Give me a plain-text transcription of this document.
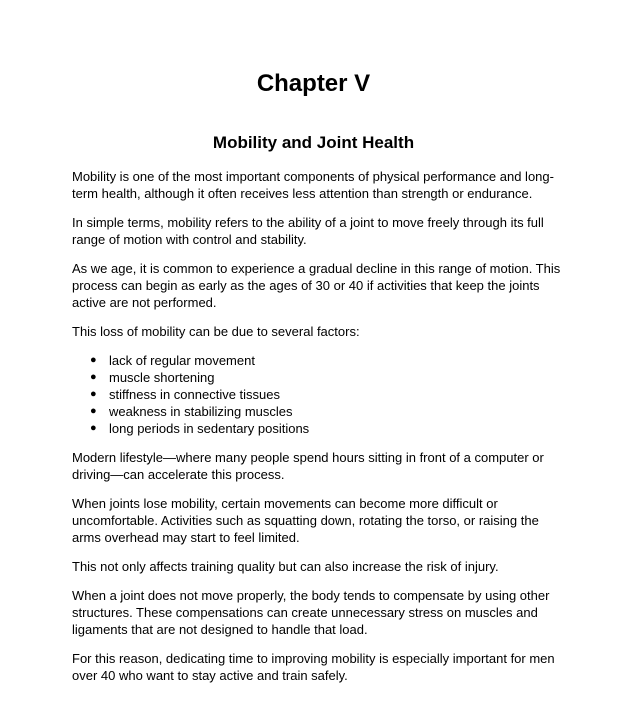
Chapter V
Mobility and Joint Health

Mobility is one of the most important components of physical performance and long-term health, although it often receives less attention than strength or endurance.

In simple terms, mobility refers to the ability of a joint to move freely through its full range of motion with control and stability.

As we age, it is common to experience a gradual decline in this range of motion. This process can begin as early as the ages of 30 or 40 if activities that keep the joints active are not performed.

This loss of mobility can be due to several factors:

● lack of regular movement
● muscle shortening
● stiffness in connective tissues
● weakness in stabilizing muscles
● long periods in sedentary positions

Modern lifestyle—where many people spend hours sitting in front of a computer or driving—can accelerate this process.

When joints lose mobility, certain movements can become more difficult or uncomfortable. Activities such as squatting down, rotating the torso, or raising the arms overhead may start to feel limited.

This not only affects training quality but can also increase the risk of injury.

When a joint does not move properly, the body tends to compensate by using other structures. These compensations can create unnecessary stress on muscles and ligaments that are not designed to handle that load.

For this reason, dedicating time to improving mobility is especially important for men over 40 who want to stay active and train safely.
